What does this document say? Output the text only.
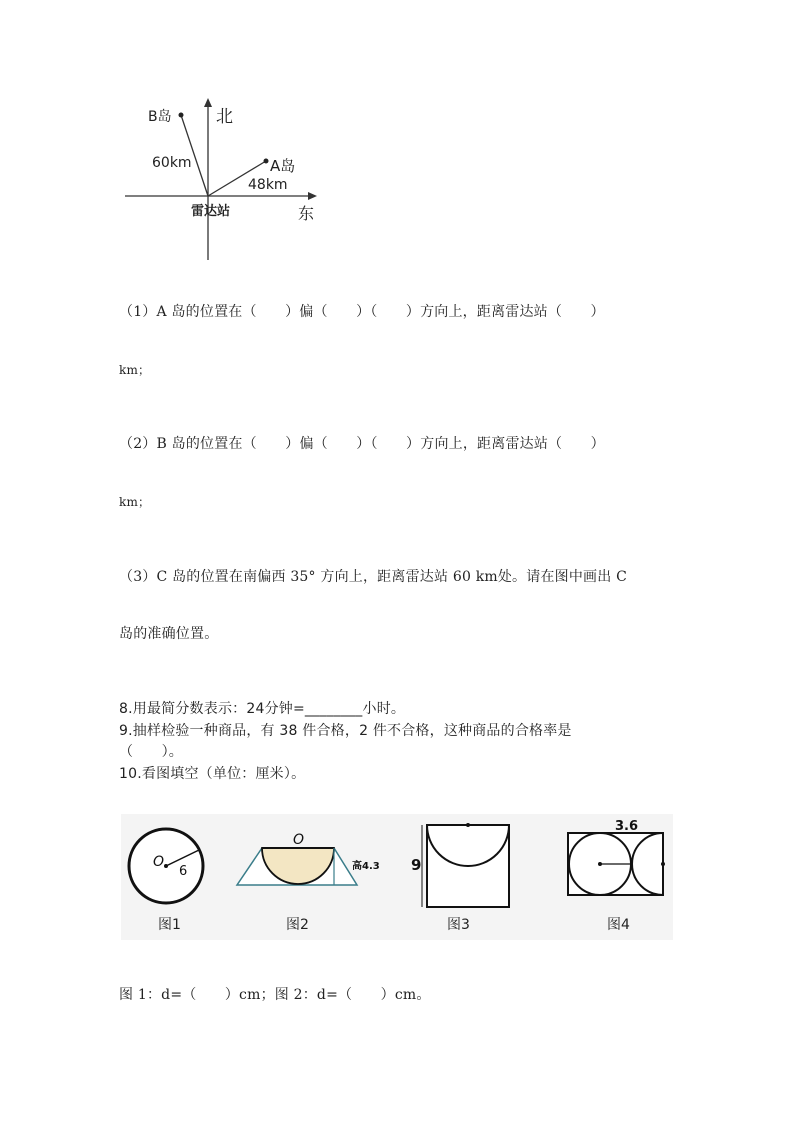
北
东
雷达站
B岛
A岛
60km
48km
（1）A 岛的位置在（　　）偏（　　）（　　）方向上，距离雷达站（　　）
km；
（2）B 岛的位置在（　　）偏（　　）（　　）方向上，距离雷达站（　　）
km；
（3）C 岛的位置在南偏西 35° 方向上，距离雷达站 60 km处。请在图中画出 C
岛的准确位置。
8.用最简分数表示：24分钟=________小时。
9.抽样检验一种商品，有 38 件合格，2 件不合格，这种商品的合格率是
（　　）。
10.看图填空（单位：厘米）。
O
6
图1
O
高4.3
图2
9
图3
3.6
图4
图 1：d=（　　）cm；图 2：d=（　　）cm。
